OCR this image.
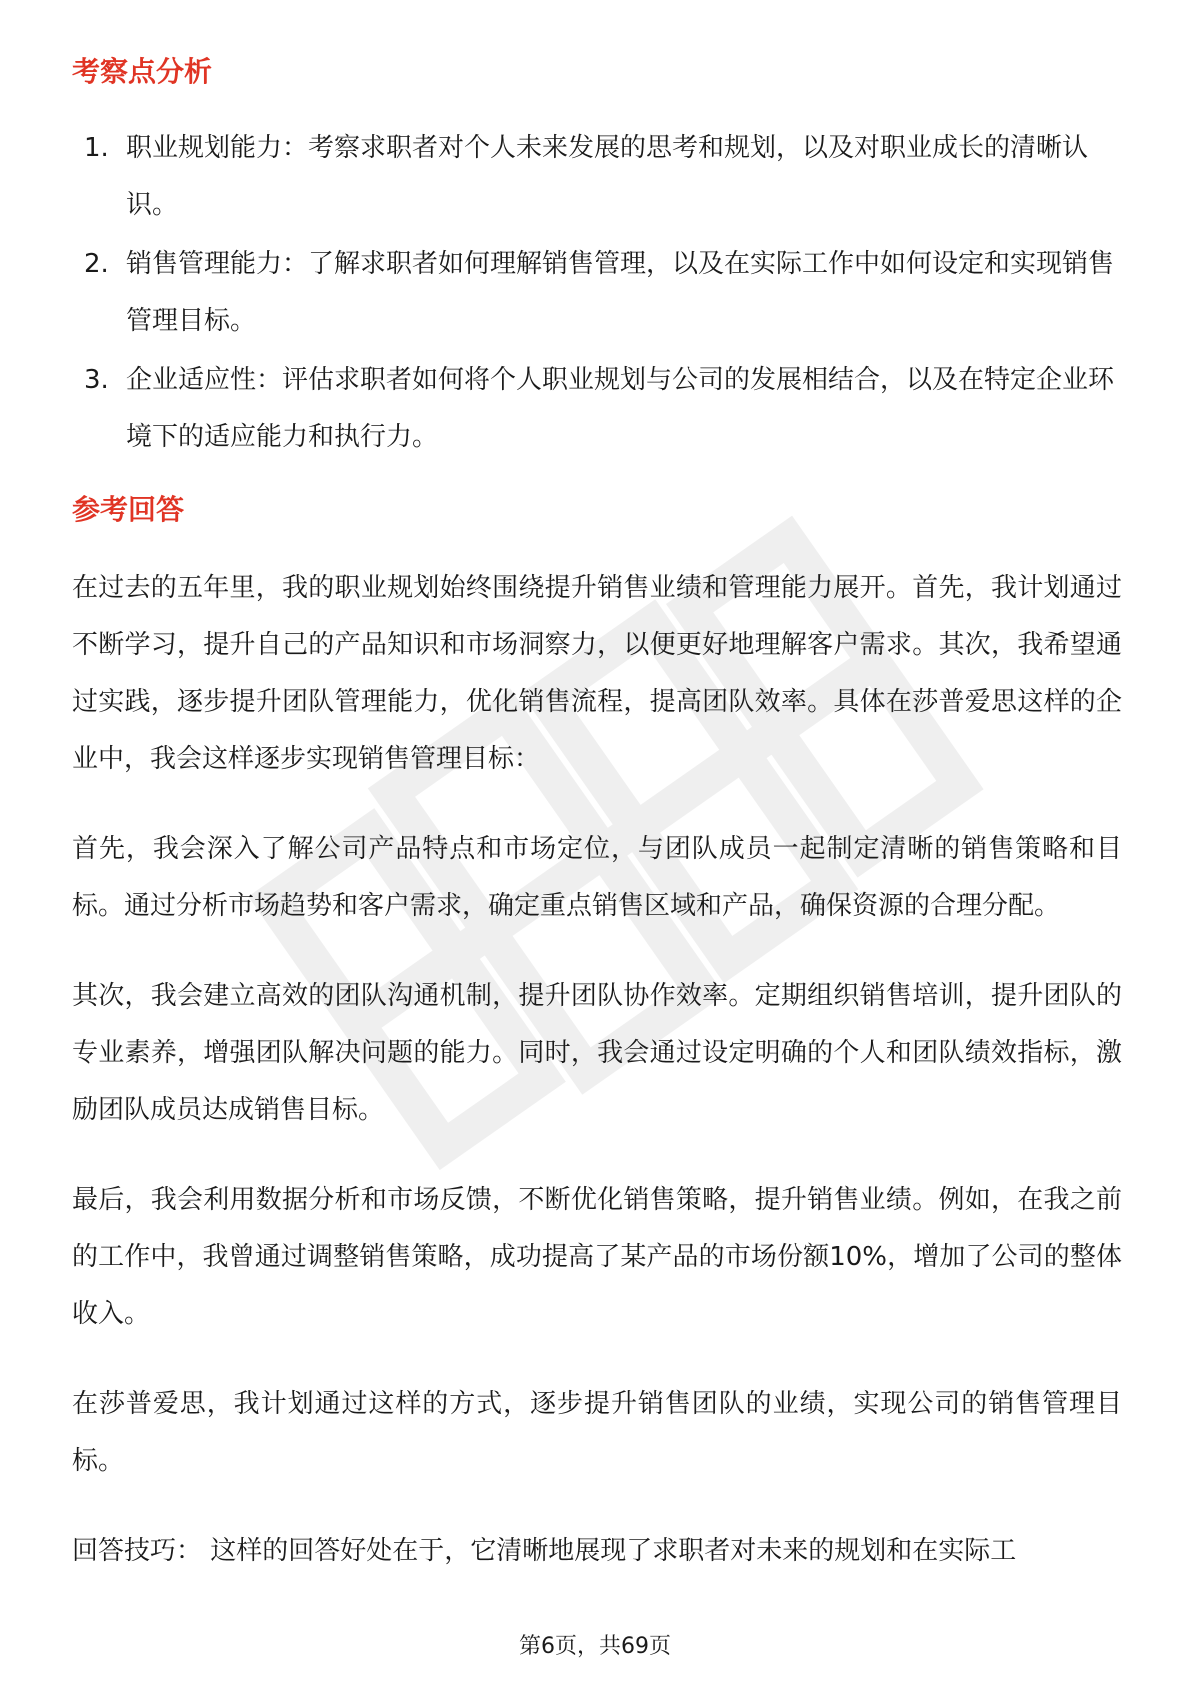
考察点分析
1. 职业规划能力：考察求职者对个人未来发展的思考和规划，以及对职业成长的清晰认识。
2. 销售管理能力：了解求职者如何理解销售管理，以及在实际工作中如何设定和实现销售管理目标。
3. 企业适应性：评估求职者如何将个人职业规划与公司的发展相结合，以及在特定企业环境下的适应能力和执行力。
参考回答

在过去的五年里，我的职业规划始终围绕提升销售业绩和管理能力展开。首先，我计划通过不断学习，提升自己的产品知识和市场洞察力，以便更好地理解客户需求。其次，我希望通过实践，逐步提升团队管理能力，优化销售流程，提高团队效率。具体在莎普爱思这样的企业中，我会这样逐步实现销售管理目标：

首先，我会深入了解公司产品特点和市场定位，与团队成员一起制定清晰的销售策略和目标。通过分析市场趋势和客户需求，确定重点销售区域和产品，确保资源的合理分配。

其次，我会建立高效的团队沟通机制，提升团队协作效率。定期组织销售培训，提升团队的专业素养，增强团队解决问题的能力。同时，我会通过设定明确的个人和团队绩效指标，激励团队成员达成销售目标。

最后，我会利用数据分析和市场反馈，不断优化销售策略，提升销售业绩。例如，在我之前的工作中，我曾通过调整销售策略，成功提高了某产品的市场份额10%，增加了公司的整体收入。

在莎普爱思，我计划通过这样的方式，逐步提升销售团队的业绩，实现公司的销售管理目标。

回答技巧： 这样的回答好处在于，它清晰地展现了求职者对未来的规划和在实际工

第6页，共69页
